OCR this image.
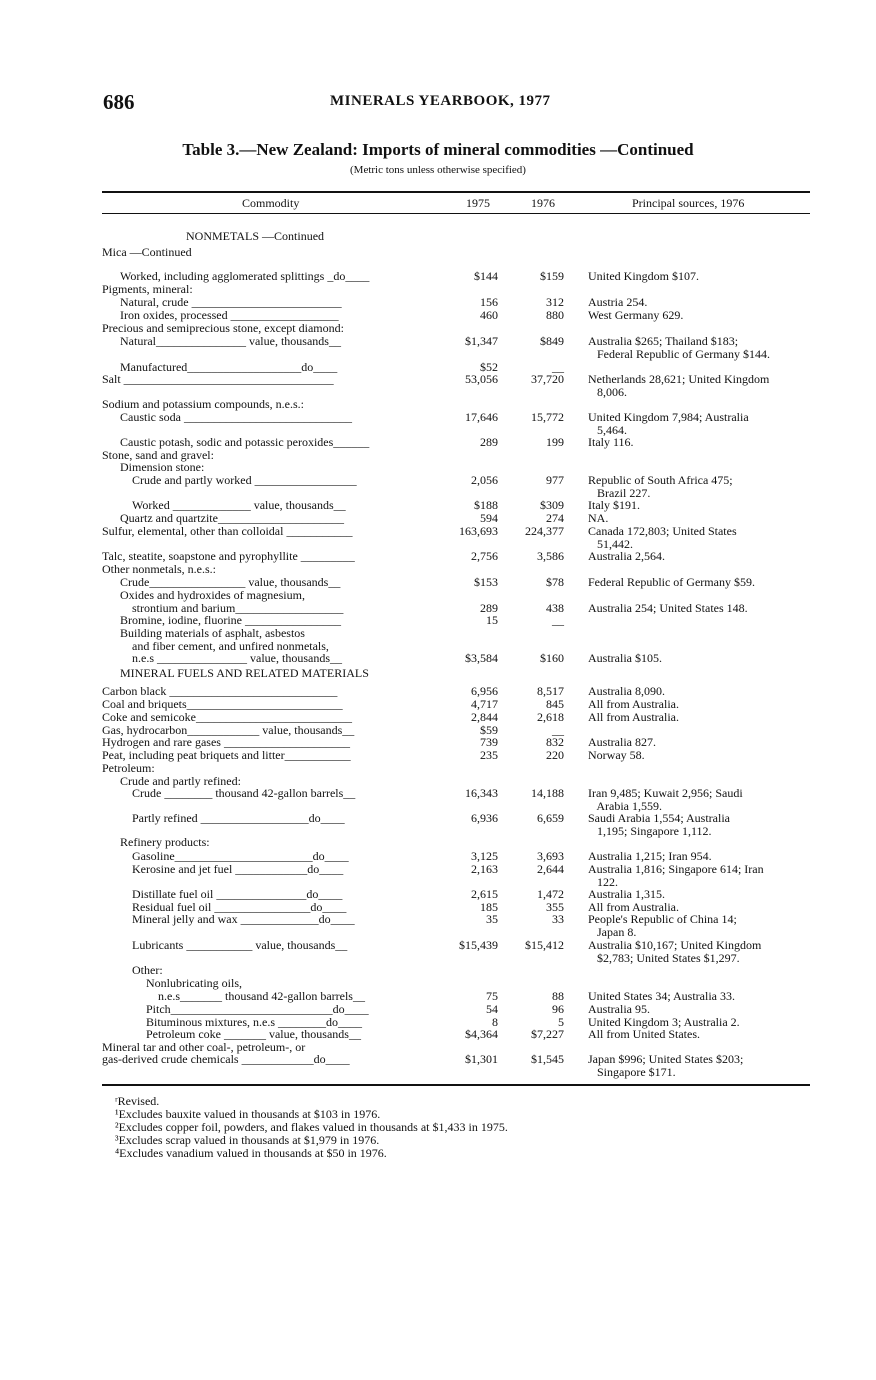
686	MINERALS YEARBOOK, 1977
Table 3.—New Zealand: Imports of mineral commodities —Continued
(Metric tons unless otherwise specified)
Commodity	1975	1976	Principal sources, 1976
NONMETALS —Continued
Mica —Continued
Worked, including agglomerated splittings _do____	$144	$159 United Kingdom $107.
Pigments, mineral:
Natural, crude _________________________	156	312 Austria 254.
Iron oxides, processed __________________	460	880 West Germany 629.
Precious and semiprecious stone, except diamond:
Natural_______________ value, thousands__	$1,347	$849 Australia $265; Thailand $183;
Federal Republic of Germany $144.
Manufactured___________________do____	$52	__
Salt ___________________________________	53,056	37,720 Netherlands 28,621; United Kingdom
8,006.
Sodium and potassium compounds, n.e.s.:
Caustic soda ____________________________	17,646	15,772 United Kingdom 7,984; Australia
5,464.
Caustic potash, sodic and potassic peroxides______	289	199 Italy 116.
Stone, sand and gravel:
Dimension stone:
Crude and partly worked _________________	2,056	977 Republic of South Africa 475;
Brazil 227.
Worked _____________ value, thousands__	$188	$309 Italy $191.
Quartz and quartzite_____________________	594	274 NA.
Sulfur, elemental, other than colloidal ___________	163,693	224,377 Canada 172,803; United States
51,442.
Talc, steatite, soapstone and pyrophyllite _________	2,756	3,586 Australia 2,564.
Other nonmetals, n.e.s.:
Crude________________ value, thousands__	$153	$78 Federal Republic of Germany $59.
Oxides and hydroxides of magnesium,
strontium and barium__________________	289	438 Australia 254; United States 148.
Bromine, iodine, fluorine ________________	15	__
Building materials of asphalt, asbestos
and fiber cement, and unfired nonmetals,
n.e.s _______________ value, thousands__	$3,584	$160 Australia $105.
MINERAL FUELS AND RELATED MATERIALS
Carbon black ____________________________	6,956	8,517 Australia 8,090.
Coal and briquets__________________________	4,717	845 All from Australia.
Coke and semicoke__________________________	2,844	2,618 All from Australia.
Gas, hydrocarbon____________ value, thousands__	$59	__
Hydrogen and rare gases _____________________	739	832 Australia 827.
Peat, including peat briquets and litter___________	235	220 Norway 58.
Petroleum:
Crude and partly refined:
Crude ________ thousand 42-gallon barrels__	16,343	14,188 Iran 9,485; Kuwait 2,956; Saudi
Arabia 1,559.
Partly refined __________________do____	6,936	6,659 Saudi Arabia 1,554; Australia
1,195; Singapore 1,112.
Refinery products:
Gasoline_______________________do____	3,125	3,693 Australia 1,215; Iran 954.
Kerosine and jet fuel ____________do____	2,163	2,644 Australia 1,816; Singapore 614; Iran
122.
Distillate fuel oil _______________do____	2,615	1,472 Australia 1,315.
Residual fuel oil ________________do____	185	355 All from Australia.
Mineral jelly and wax _____________do____	35	33 People's Republic of China 14;
Japan 8.
Lubricants ___________ value, thousands__	$15,439	$15,412 Australia $10,167; United Kingdom
$2,783; United States $1,297.
Other:
Nonlubricating oils,
n.e.s_______ thousand 42-gallon barrels__	75	88 United States 34; Australia 33.
Pitch___________________________do____	54	96 Australia 95.
Bituminous mixtures, n.e.s ________do____	8	5 United Kingdom 3; Australia 2.
Petroleum coke _______ value, thousands__	$4,364	$7,227 All from United States.
Mineral tar and other coal-, petroleum-, or
gas-derived crude chemicals ____________do____	$1,301	$1,545 Japan $996; United States $203;
Singapore $171.
ʳRevised.
¹Excludes bauxite valued in thousands at $103 in 1976.
²Excludes copper foil, powders, and flakes valued in thousands at $1,433 in 1975.
³Excludes scrap valued in thousands at $1,979 in 1976.
⁴Excludes vanadium valued in thousands at $50 in 1976.
